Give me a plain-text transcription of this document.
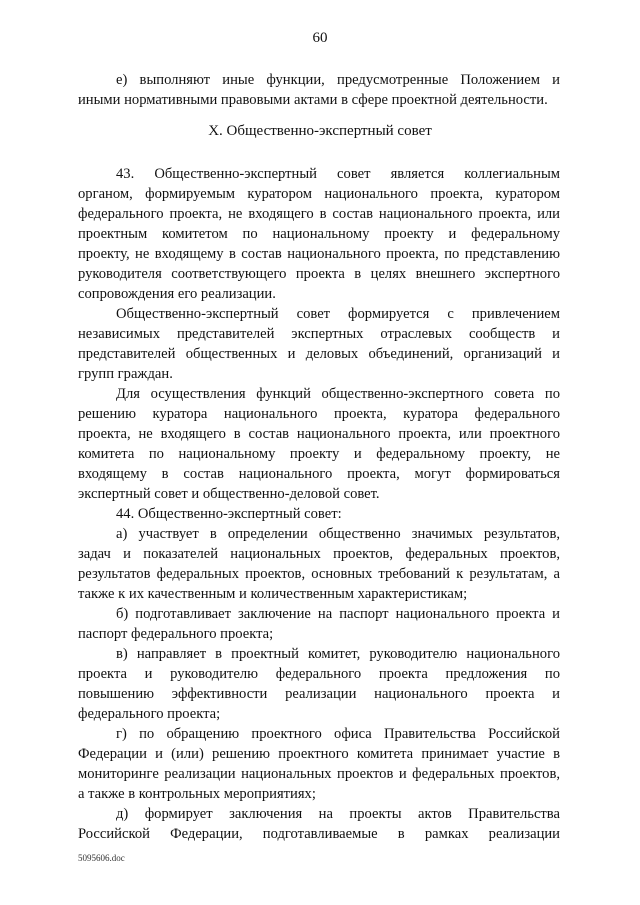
60
е) выполняют иные функции, предусмотренные Положением и
иными нормативными правовыми актами в сфере проектной деятельности.
X. Общественно-экспертный совет
43. Общественно-экспертный совет является коллегиальным
органом, формируемым куратором национального проекта, куратором
федерального проекта, не входящего в состав национального проекта, или
проектным комитетом по национальному проекту и федеральному
проекту, не входящему в состав национального проекта, по представлению
руководителя соответствующего проекта в целях внешнего экспертного
сопровождения его реализации.
Общественно-экспертный совет формируется с привлечением
независимых представителей экспертных отраслевых сообществ и
представителей общественных и деловых объединений, организаций и
групп граждан.
Для осуществления функций общественно-экспертного совета по
решению куратора национального проекта, куратора федерального
проекта, не входящего в состав национального проекта, или проектного
комитета по национальному проекту и федеральному проекту, не
входящему в состав национального проекта, могут формироваться
экспертный совет и общественно-деловой совет.
44. Общественно-экспертный совет:
а) участвует в определении общественно значимых результатов,
задач и показателей национальных проектов, федеральных проектов,
результатов федеральных проектов, основных требований к результатам, а
также к их качественным и количественным характеристикам;
б) подготавливает заключение на паспорт национального проекта и
паспорт федерального проекта;
в) направляет в проектный комитет, руководителю национального
проекта и руководителю федерального проекта предложения по
повышению эффективности реализации национального проекта и
федерального проекта;
г) по обращению проектного офиса Правительства Российской
Федерации и (или) решению проектного комитета принимает участие в
мониторинге реализации национальных проектов и федеральных проектов,
а также в контрольных мероприятиях;
д) формирует заключения на проекты актов Правительства
Российской Федерации, подготавливаемые в рамках реализации
5095606.doc
